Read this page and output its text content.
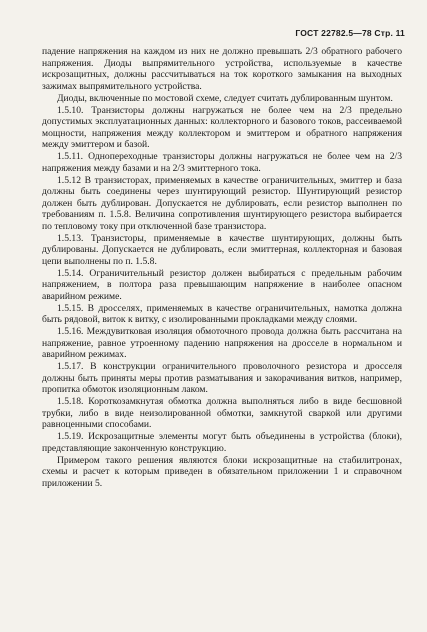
ГОСТ 22782.5—78 Стр. 11

падение напряжения на каждом из них не должно превышать 2/3 обратного рабочего напряжения. Диоды выпрямительного устройства, используемые в качестве искрозащитных, должны рассчитываться на ток короткого замыкания на выходных зажимах выпрямительного устройства.

Диоды, включенные по мостовой схеме, следует считать дублированным шунтом.

1.5.10. Транзисторы должны нагружаться не более чем на 2/3 предельно допустимых эксплуатационных данных: коллекторного и базового токов, рассеиваемой мощности, напряжения между коллектором и эмиттером и обратного напряжения между эмиттером и базой.

1.5.11. Однопереходные транзисторы должны нагружаться не более чем на 2/3 напряжения между базами и на 2/3 эмиттерного тока.

1.5.12 В транзисторах, применяемых в качестве ограничительных, эмиттер и база должны быть соединены через шунтирующий резистор. Шунтирующий резистор должен быть дублирован. Допускается не дублировать, если резистор выполнен по требованиям п. 1.5.8. Величина сопротивления шунтирующего резистора выбирается по тепловому току при отключенной базе транзистора.

1.5.13. Транзисторы, применяемые в качестве шунтирующих, должны быть дублированы. Допускается не дублировать, если эмиттерная, коллекторная и базовая цепи выполнены по п. 1.5.8.

1.5.14. Ограничительный резистор должен выбираться с предельным рабочим напряжением, в полтора раза превышающим напряжение в наиболее опасном аварийном режиме.

1.5.15. В дросселях, применяемых в качестве ограничительных, намотка должна быть рядовой, виток к витку, с изолированными прокладками между слоями.

1.5.16. Междувитковая изоляция обмоточного провода должна быть рассчитана на напряжение, равное утроенному падению напряжения на дросселе в нормальном и аварийном режимах.

1.5.17. В конструкции ограничительного проволочного резистора и дросселя должны быть приняты меры против разматывания и закорачивания витков, например, пропитка обмоток изоляционным лаком.

1.5.18. Короткозамкнутая обмотка должна выполняться либо в виде бесшовной трубки, либо в виде неизолированной обмотки, замкнутой сваркой или другими равноценными способами.

1.5.19. Искрозащитные элементы могут быть объединены в устройства (блоки), представляющие законченную конструкцию.

Примером такого решения являются блоки искрозащитные на стабилитронах, схемы и расчет к которым приведен в обязательном приложении 1 и справочном приложении 5.
